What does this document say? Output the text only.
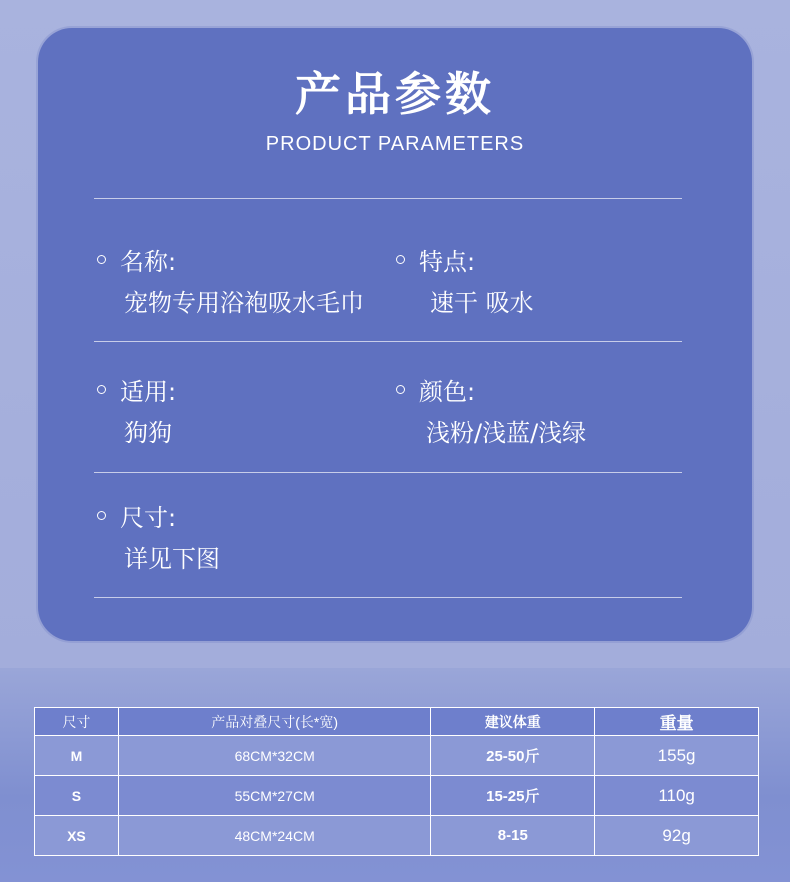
产品参数
PRODUCT PARAMETERS
名称:
宠物专用浴袍吸水毛巾
特点:
速干 吸水
适用:
狗狗
颜色:
浅粉/浅蓝/浅绿
尺寸:
详见下图
尺寸	产品对叠尺寸(长*宽)	建议体重	重量
M	68CM*32CM	25-50斤	155g
S	55CM*27CM	15-25斤	110g
XS	48CM*24CM	8-15	92g
